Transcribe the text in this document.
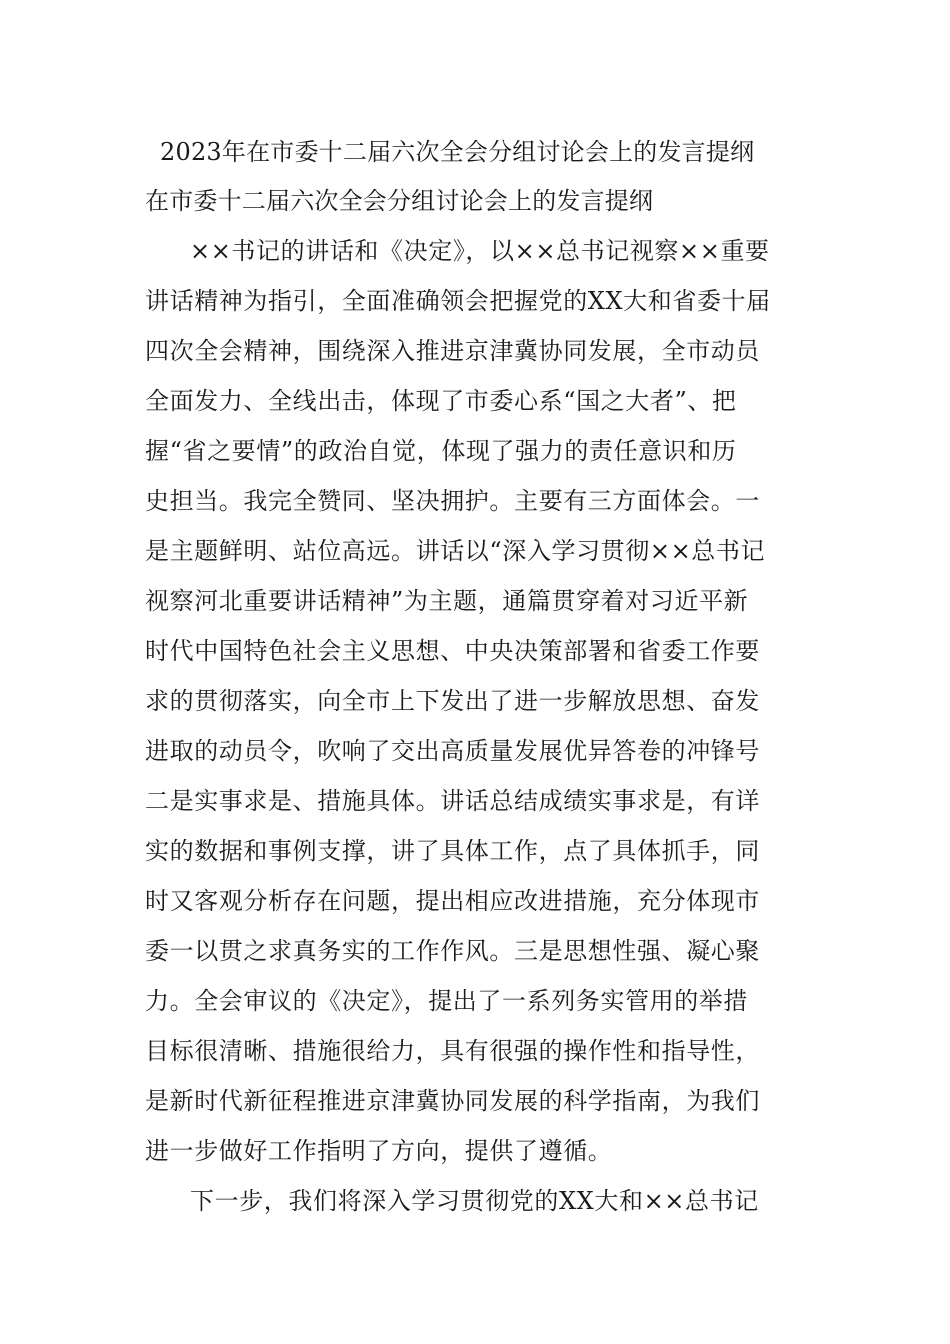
2023年在市委十二届六次全会分组讨论会上的发言提纲

在市委十二届六次全会分组讨论会上的发言提纲

××书记的讲话和《决定》，以××总书记视察××重要

讲话精神为指引，全面准确领会把握党的XX大和省委十届

四次全会精神，围绕深入推进京津冀协同发展，全市动员

全面发力、全线出击，体现了市委心系“国之大者”、把

握“省之要情”的政治自觉，体现了强力的责任意识和历

史担当。我完全赞同、坚决拥护。主要有三方面体会。一

是主题鲜明、站位高远。讲话以“深入学习贯彻××总书记

视察河北重要讲话精神”为主题，通篇贯穿着对习近平新

时代中国特色社会主义思想、中央决策部署和省委工作要

求的贯彻落实，向全市上下发出了进一步解放思想、奋发

进取的动员令，吹响了交出高质量发展优异答卷的冲锋号

二是实事求是、措施具体。讲话总结成绩实事求是，有详

实的数据和事例支撑，讲了具体工作，点了具体抓手，同

时又客观分析存在问题，提出相应改进措施，充分体现市

委一以贯之求真务实的工作作风。三是思想性强、凝心聚

力。全会审议的《决定》，提出了一系列务实管用的举措

目标很清晰、措施很给力，具有很强的操作性和指导性，

是新时代新征程推进京津冀协同发展的科学指南，为我们

进一步做好工作指明了方向，提供了遵循。

下一步，我们将深入学习贯彻党的XX大和××总书记
